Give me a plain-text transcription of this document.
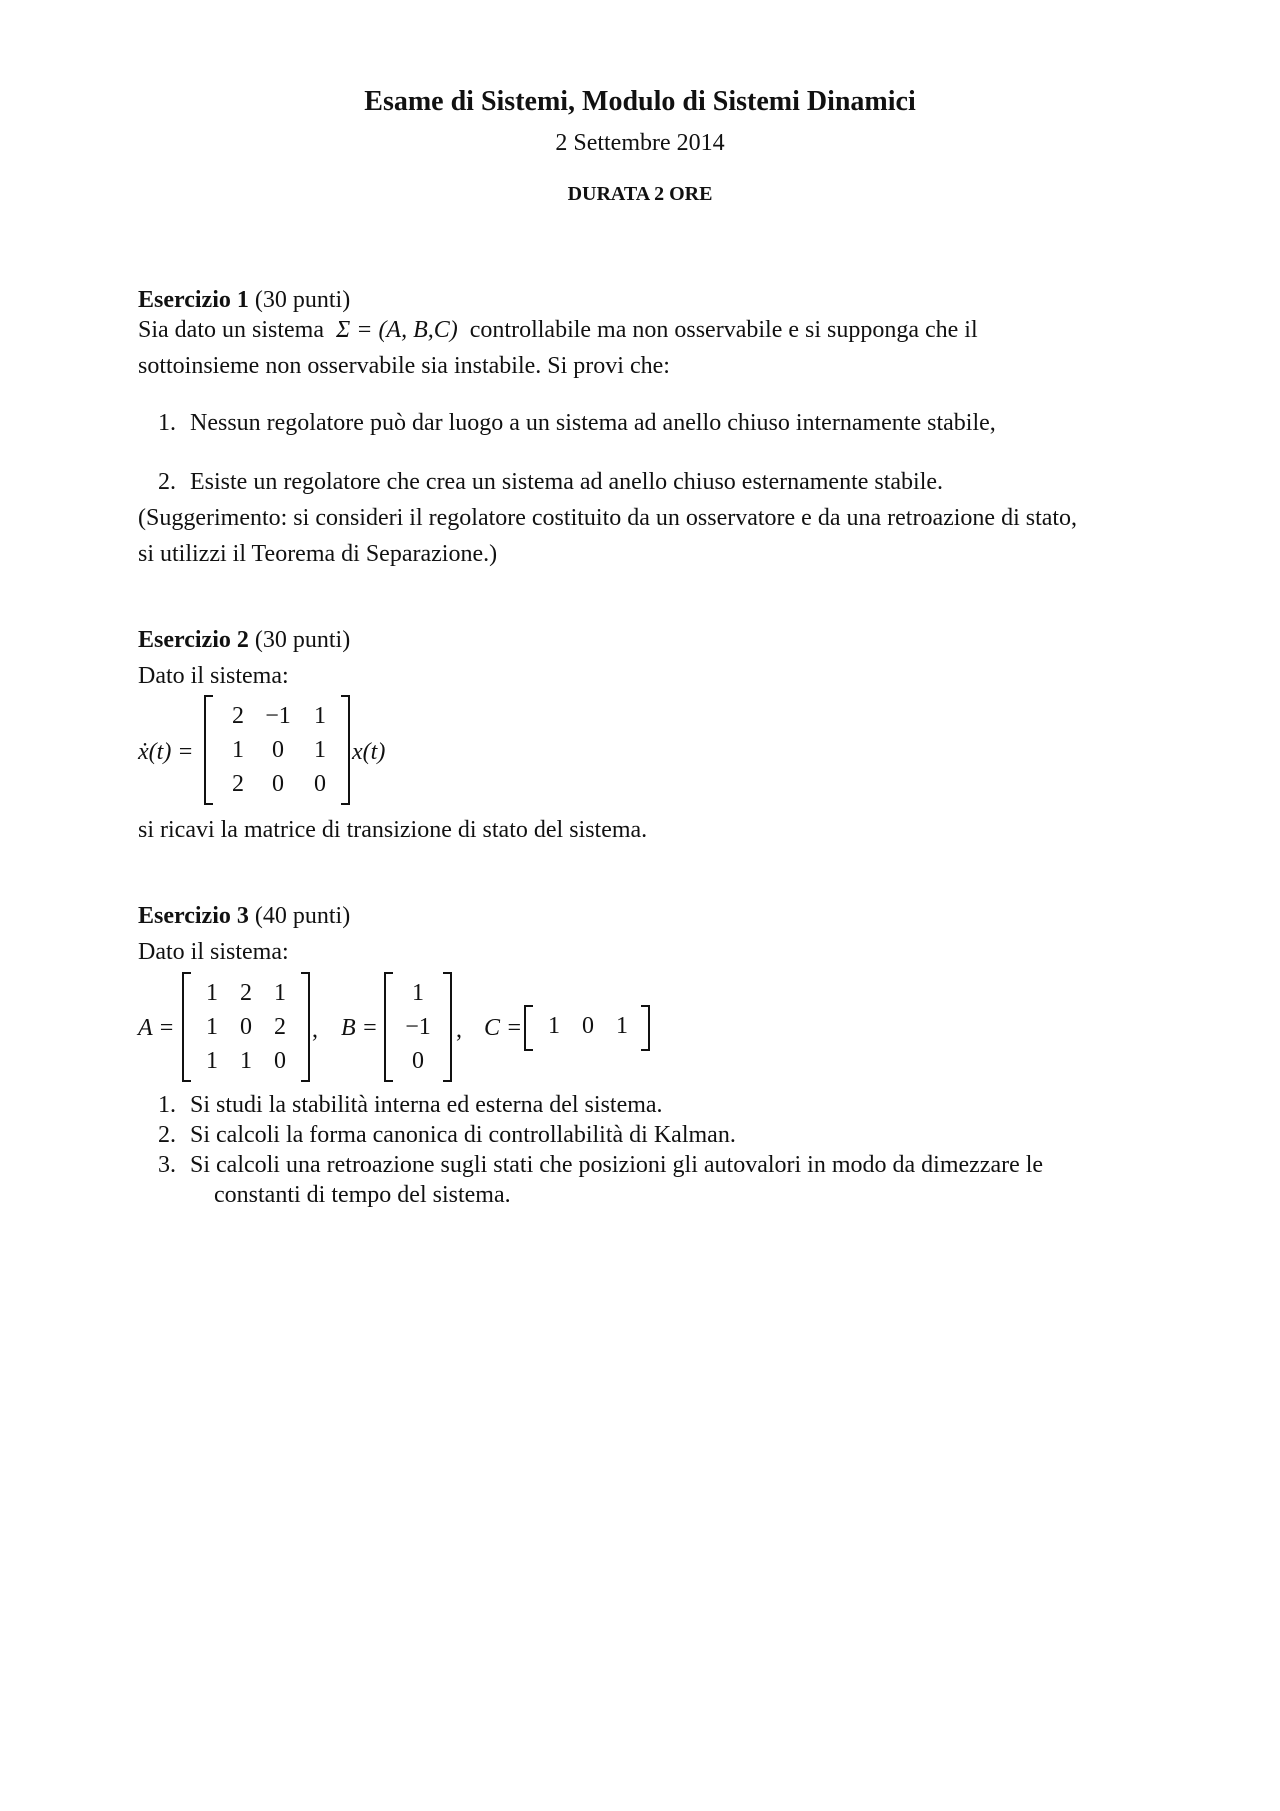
Esame di Sistemi, Modulo di Sistemi Dinamici
2 Settembre 2014
DURATA 2 ORE
Esercizio 1 (30 punti)
Sia dato un sistema Σ = (A, B,C) controllabile ma non osservabile e si supponga che il
sottoinsieme non osservabile sia instabile. Si provi che:
1. Nessun regolatore può dar luogo a un sistema ad anello chiuso internamente stabile,
2. Esiste un regolatore che crea un sistema ad anello chiuso esternamente stabile.
(Suggerimento: si consideri il regolatore costituito da un osservatore e da una retroazione di stato,
si utilizzi il Teorema di Separazione.)
Esercizio 2 (30 punti)
Dato il sistema:
ẋ(t) =
2 −1 1
1	0	1
2	0	0
x(t)
si ricavi la matrice di transizione di stato del sistema.
Esercizio 3 (40 punti)
Dato il sistema:
A =
1 2 1
1 0 2
1 1 0
, B =
1
−1
0
, C =	1 0 1
1. Si studi la stabilità interna ed esterna del sistema.
2. Si calcoli la forma canonica di controllabilità di Kalman.
3. Si calcoli una retroazione sugli stati che posizioni gli autovalori in modo da dimezzare le
constanti di tempo del sistema.
